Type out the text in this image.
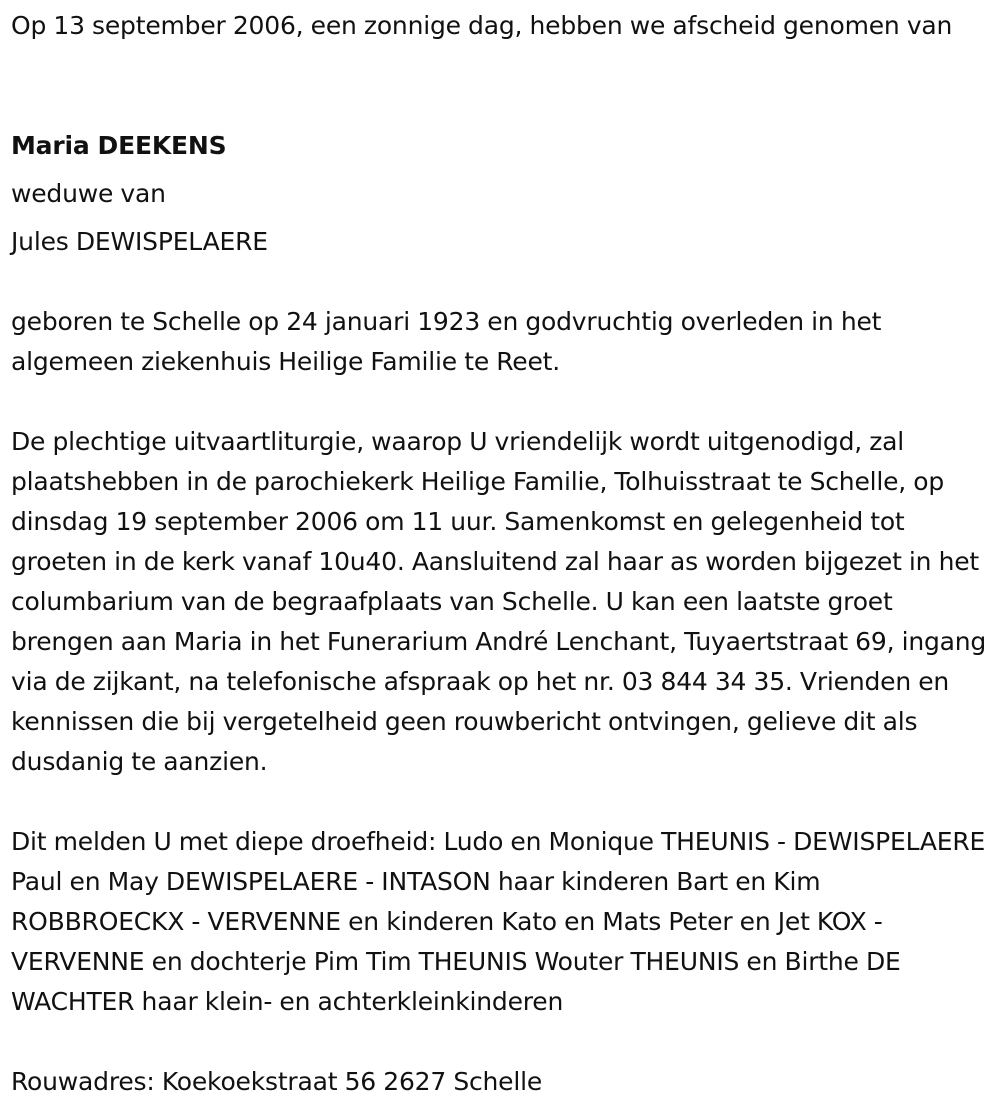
Op 13 september 2006, een zonnige dag, hebben we afscheid genomen van

Maria DEEKENS

weduwe van

Jules DEWISPELAERE

geboren te Schelle op 24 januari 1923 en godvruchtig overleden in het algemeen ziekenhuis Heilige Familie te Reet.

De plechtige uitvaartliturgie, waarop U vriendelijk wordt uitgenodigd, zal plaatshebben in de parochiekerk Heilige Familie, Tolhuisstraat te Schelle, op dinsdag 19 september 2006 om 11 uur. Samenkomst en gelegenheid tot groeten in de kerk vanaf 10u40. Aansluitend zal haar as worden bijgezet in het columbarium van de begraafplaats van Schelle. U kan een laatste groet brengen aan Maria in het Funerarium André Lenchant, Tuyaertstraat 69, ingang via de zijkant, na telefonische afspraak op het nr. 03 844 34 35. Vrienden en kennissen die bij vergetelheid geen rouwbericht ontvingen, gelieve dit als dusdanig te aanzien.

Dit melden U met diepe droefheid: Ludo en Monique THEUNIS - DEWISPELAERE Paul en May DEWISPELAERE - INTASON haar kinderen Bart en Kim ROBBROECKX - VERVENNE en kinderen Kato en Mats Peter en Jet KOX - VERVENNE en dochterje Pim Tim THEUNIS Wouter THEUNIS en Birthe DE WACHTER haar klein- en achterkleinkinderen

Rouwadres: Koekoekstraat 56 2627 Schelle
